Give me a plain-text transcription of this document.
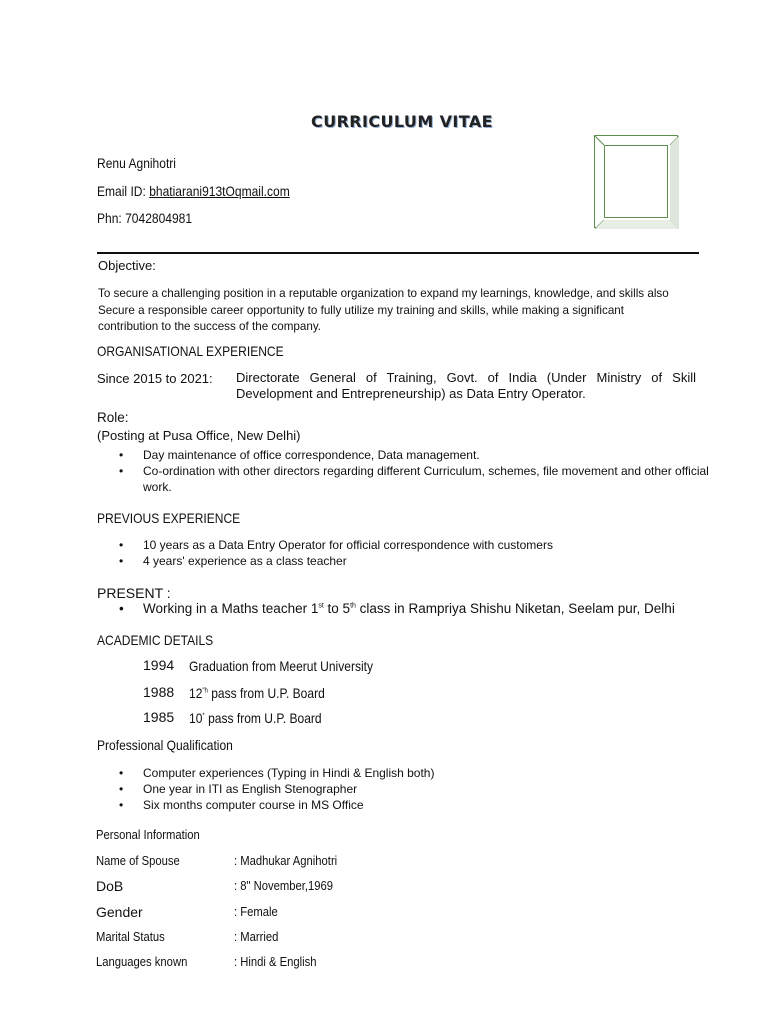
CURRICULUM VITAE
Renu Agnihotri
Email ID: bhatiarani913tOqmail.com
Phn: 7042804981
Objective:
To secure a challenging position in a reputable organization to expand my learnings, knowledge, and skills also Secure a responsible career opportunity to fully utilize my training and skills, while making a significant contribution to the success of the company.
ORGANISATIONAL EXPERIENCE
Since 2015 to 2021: Directorate General of Training, Govt. of India (Under Ministry of Skill Development and Entrepreneurship) as Data Entry Operator.
Role:
(Posting at Pusa Office, New Delhi)
• Day maintenance of office correspondence, Data management.
• Co-ordination with other directors regarding different Curriculum, schemes, file movement and other official
work.
PREVIOUS EXPERIENCE
• 10 years as a Data Entry Operator for official correspondence with customers
• 4 years' experience as a class teacher
PRESENT :
• Working in a Maths teacher 1st to 5th class in Rampriya Shishu Niketan, Seelam pur, Delhi
ACADEMIC DETAILS
1994 Graduation from Meerut University
1988 $12^{"h}$ pass from U.P. Board
1985 10* pass from U.P. Board
Professional Qualification
• Computer experiences (Typing in Hindi & English both)
• One year in ITI as English Stenographer
• Six months computer course in MS Office
Personal Information
Name of Spouse	: Madhukar Agnihotri
DoB	: 8" November,1969
Gender	: Female
Marital Status	: Married
Languages known	: Hindi & English
